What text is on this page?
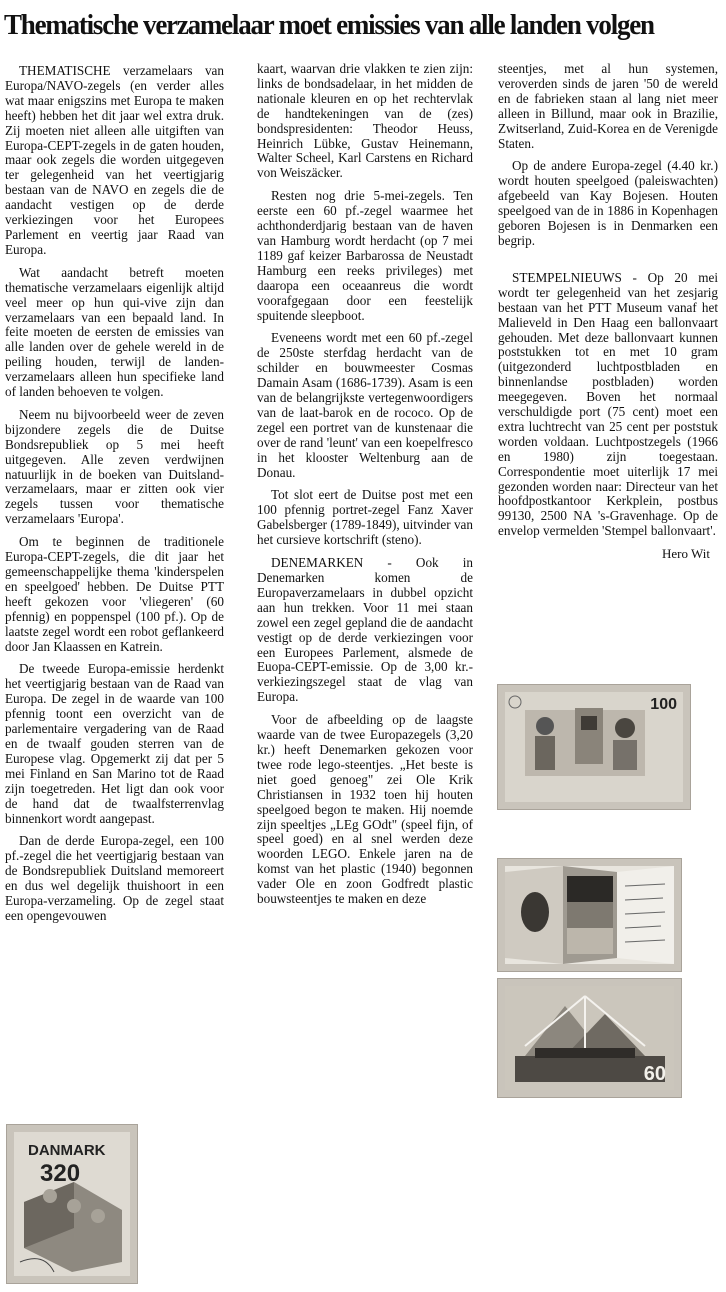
Thematische verzamelaar moet emissies van alle landen volgen

THEMATISCHE verzamelaars van Europa/NAVO-zegels (en verder alles wat maar enigszins met Europa te maken heeft) hebben het dit jaar wel extra druk. Zij moeten niet alleen alle uitgiften van Europa-CEPT-zegels in de gaten houden, maar ook zegels die worden uitgegeven ter gelegenheid van het veertigjarig bestaan van de NAVO en zegels die de aandacht vestigen op de derde verkiezingen voor het Europees Parlement en veertig jaar Raad van Europa.

Wat aandacht betreft moeten thematische verzamelaars eigenlijk altijd veel meer op hun qui-vive zijn dan verzamelaars van een bepaald land. In feite moeten de eersten de emissies van alle landen over de gehele wereld in de peiling houden, terwijl de landen-verzamelaars alleen hun specifieke land of landen behoeven te volgen.

Neem nu bijvoorbeeld weer de zeven bijzondere zegels die de Duitse Bondsrepubliek op 5 mei heeft uitgegeven. Alle zeven verdwijnen natuurlijk in de boeken van Duitsland-verzamelaars, maar er zitten ook vier zegels tussen voor thematische verzamelaars 'Europa'.

Om te beginnen de traditionele Europa-CEPT-zegels, die dit jaar het gemeenschappelijke thema 'kinderspelen en speelgoed' hebben. De Duitse PTT heeft gekozen voor 'vliegeren' (60 pfennig) en poppenspel (100 pf.). Op de laatste zegel wordt een robot geflankeerd door Jan Klaassen en Katrein.

De tweede Europa-emissie herdenkt het veertigjarig bestaan van de Raad van Europa. De zegel in de waarde van 100 pfennig toont een overzicht van de parlementaire vergadering van de Raad en de twaalf gouden sterren van de Europese vlag. Opgemerkt zij dat per 5 mei Finland en San Marino tot de Raad zijn toegetreden. Het ligt dan ook voor de hand dat de twaalfsterrenvlag binnenkort wordt aangepast.

Dan de derde Europa-zegel, een 100 pf.-zegel die het veertigjarig bestaan van de Bondsrepubliek Duitsland memoreert en dus wel degelijk thuishoort in een Europa-verzameling. Op de zegel staat een opengevouwen

kaart, waarvan drie vlakken te zien zijn: links de bondsadelaar, in het midden de nationale kleuren en op het rechtervlak de handtekeningen van de (zes) bondspresidenten: Theodor Heuss, Heinrich Lübke, Gustav Heinemann, Walter Scheel, Karl Carstens en Richard von Weiszäcker.

Resten nog drie 5-mei-zegels. Ten eerste een 60 pf.-zegel waarmee het achthonderdjarig bestaan van de haven van Hamburg wordt herdacht (op 7 mei 1189 gaf keizer Barbarossa de Neustadt Hamburg een reeks privileges) met daaropa een oceaanreus die wordt voorafgegaan door een feestelijk spuitende sleepboot.

Eveneens wordt met een 60 pf.-zegel de 250ste sterfdag herdacht van de schilder en bouwmeester Cosmas Damain Asam (1686-1739). Asam is een van de belangrijkste vertegenwoordigers van de laat-barok en de rococo. Op de zegel een portret van de kunstenaar die over de rand 'leunt' van een koepelfresco in het klooster Weltenburg aan de Donau.

Tot slot eert de Duitse post met een 100 pfennig portret-zegel Fanz Xaver Gabelsberger (1789-1849), uitvinder van het cursieve kortschrift (steno).

DENEMARKEN - Ook in Denemarken komen de Europaverzamelaars in dubbel opzicht aan hun trekken. Voor 11 mei staan zowel een zegel gepland die de aandacht vestigt op de derde verkiezingen voor een Europees Parlement, alsmede de Euopa-CEPT-emissie. Op de 3,00 kr.-verkiezingszegel staat de vlag van Europa.

Voor de afbeelding op de laagste waarde van de twee Europazegels (3,20 kr.) heeft Denemarken gekozen voor twee rode lego-steentjes. „Het beste is niet goed genoeg" zei Ole Krik Christiansen in 1932 toen hij houten speelgoed begon te maken. Hij noemde zijn speeltjes „LEg GOdt" (speel fijn, of speel goed) en al snel werden deze woorden LEGO. Enkele jaren na de komst van het plastic (1940) begonnen vader Ole en zoon Godfredt plastic bouwsteentjes te maken en deze

steentjes, met al hun systemen, veroverden sinds de jaren '50 de wereld en de fabrieken staan al lang niet meer alleen in Billund, maar ook in Brazilie, Zwitserland, Zuid-Korea en de Verenigde Staten.

Op de andere Europa-zegel (4.40 kr.) wordt houten speelgoed (paleiswachten) afgebeeld van Kay Bojesen. Houten speelgoed van de in 1886 in Kopenhagen geboren Bojesen is in Denmarken een begrip.

STEMPELNIEUWS - Op 20 mei wordt ter gelegenheid van het zesjarig bestaan van het PTT Museum vanaf het Malieveld in Den Haag een ballonvaart gehouden. Met deze ballonvaart kunnen poststukken tot en met 10 gram (uitgezonderd luchtpostbladen en binnenlandse postbladen) worden meegegeven. Boven het normaal verschuldigde port (75 cent) moet een extra luchtrecht van 25 cent per poststuk worden voldaan. Luchtpostzegels (1966 en 1980) zijn toegestaan. Correspondentie moet uiterlijk 17 mei gezonden worden naar: Directeur van het hoofdpostkantoor Kerkplein, postbus 99130, 2500 NA 's-Gravenhage. Op de envelop vermelden 'Stempel ballonvaart'.

Hero Wit
100
60
DANMARK
320
